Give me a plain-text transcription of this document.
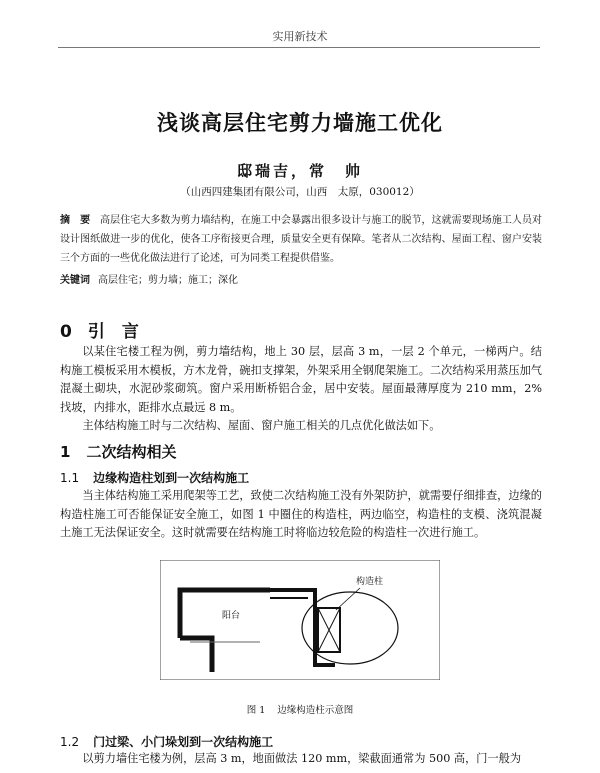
实用新技术
浅谈高层住宅剪力墙施工优化
邸瑞吉，常　帅
（山西四建集团有限公司，山西　太原，030012）
摘　要 高层住宅大多数为剪力墙结构，在施工中会暴露出很多设计与施工的脱节，这就需要现场施工人员对设计图纸做进一步的优化，使各工序衔接更合理，质量安全更有保障。笔者从二次结构、屋面工程、窗户安装三个方面的一些优化做法进行了论述，可为同类工程提供借鉴。
关键词 高层住宅；剪力墙；施工；深化
0 引　言

以某住宅楼工程为例，剪力墙结构，地上 30 层，层高 3 m，一层 2 个单元，一梯两户。结构施工模板采用木模板，方木龙骨，碗扣支撑架，外架采用全钢爬架施工。二次结构采用蒸压加气混凝土砌块，水泥砂浆砌筑。窗户采用断桥铝合金，居中安装。屋面最薄厚度为 210 mm，2% 找坡，内排水，距排水点最远 8 m。

主体结构施工时与二次结构、屋面、窗户施工相关的几点优化做法如下。

1 二次结构相关
1.1 边缘构造柱划到一次结构施工

当主体结构施工采用爬架等工艺，致使二次结构施工没有外架防护，就需要仔细排查，边缘的构造柱施工可否能保证安全施工，如图 1 中圈住的构造柱，两边临空，构造柱的支模、浇筑混凝土施工无法保证安全。这时就需要在结构施工时将临边较危险的构造柱一次进行施工。

阳台
构造柱
图 1 边缘构造柱示意图
1.2 门过梁、小门垛划到一次结构施工

以剪力墙住宅楼为例，层高 3 m，地面做法 120 mm，梁截面通常为 500 高，门一般为
